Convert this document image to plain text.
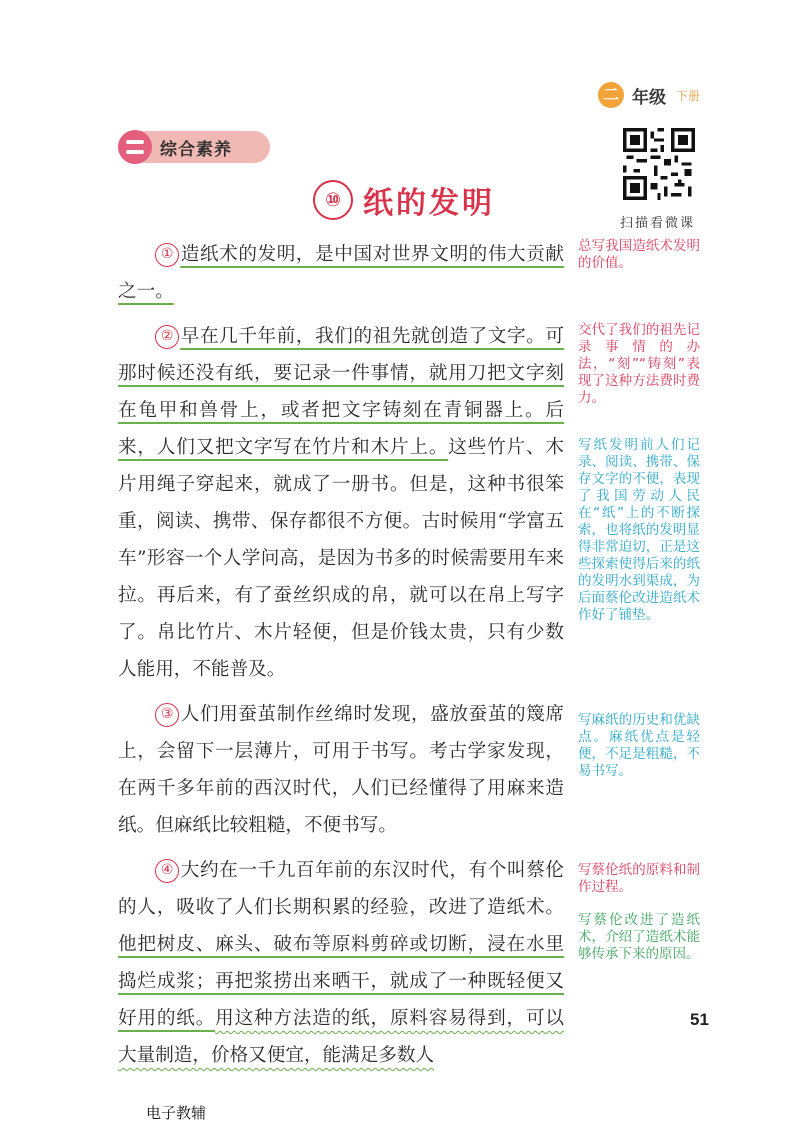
二 年级 下册
综合素养
扫描看微课
⑩ 纸的发明

① 造纸术的发明，是中国对世界文明的伟大贡献之一。

② 早在几千年前，我们的祖先就创造了文字。可那时候还没有纸，要记录一件事情，就用刀把文字刻在龟甲和兽骨上，或者把文字铸刻在青铜器上。后来，人们又把文字写在竹片和木片上。这些竹片、木片用绳子穿起来，就成了一册书。但是，这种书很笨重，阅读、携带、保存都很不方便。古时候用“学富五车”形容一个人学问高，是因为书多的时候需要用车来拉。再后来，有了蚕丝织成的帛，就可以在帛上写字了。帛比竹片、木片轻便，但是价钱太贵，只有少数人能用，不能普及。

③ 人们用蚕茧制作丝绵时发现，盛放蚕茧的篾席上，会留下一层薄片，可用于书写。考古学家发现，在两千多年前的西汉时代，人们已经懂得了用麻来造纸。但麻纸比较粗糙，不便书写。

④ 大约在一千九百年前的东汉时代，有个叫蔡伦的人，吸收了人们长期积累的经验，改进了造纸术。他把树皮、麻头、破布等原料剪碎或切断，浸在水里捣烂成浆；再把浆捞出来晒干，就成了一种既轻便又好用的纸。用这种方法造的纸，原料容易得到，可以大量制造，价格又便宜，能满足多数人

总写我国造纸术发明的价值。
交代了我们的祖先记录事情的办法，“刻”“铸刻”表现了这种方法费时费力。
写纸发明前人们记录、阅读、携带、保存文字的不便，表现了我国劳动人民在“纸”上的不断探索，也将纸的发明显得非常迫切，正是这些探索使得后来的纸的发明水到渠成，为后面蔡伦改进造纸术作好了铺垫。
写麻纸的历史和优缺点。麻纸优点是轻便，不足是粗糙，不易书写。
写蔡伦纸的原料和制作过程。
写蔡伦改进了造纸术，介绍了造纸术能够传承下来的原因。
51
电子教辅
